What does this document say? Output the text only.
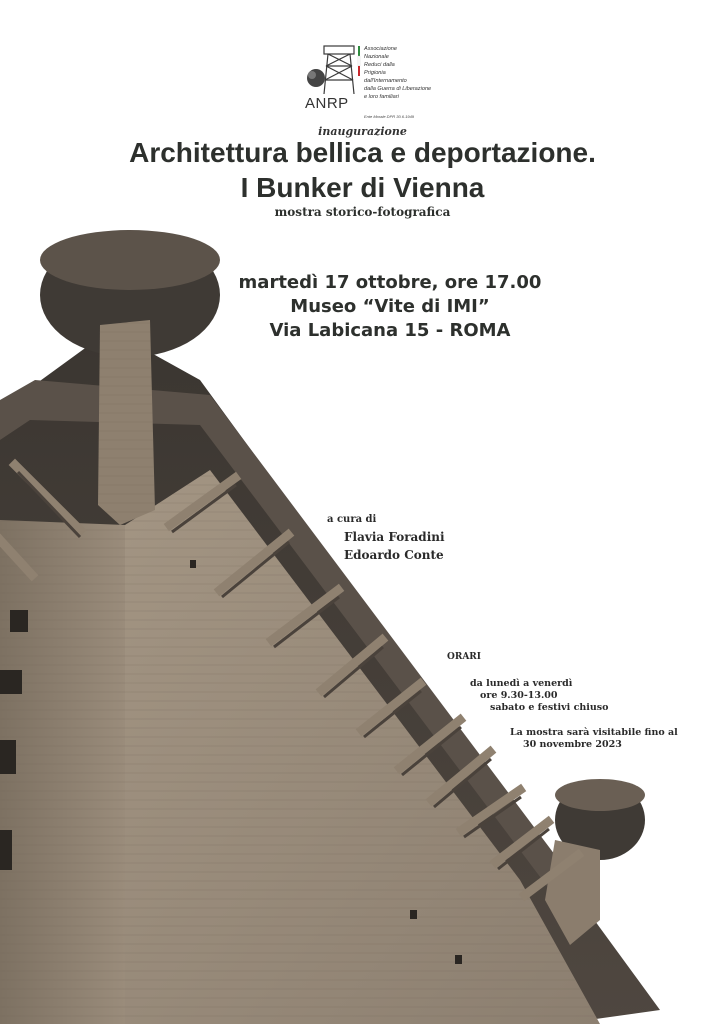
ANRP
Associazione
Nazionale
Reduci dalla
Prigionia
dall'Internamento
dalla Guerra di Liberazione
e loro familiari
Ente Morale DPR 30.6.1949
inaugurazione
Architettura bellica e deportazione.
I Bunker di Vienna
mostra storico-fotografica
martedì 17 ottobre, ore 17.00
Museo “Vite di IMI”
Via Labicana 15 - ROMA
a cura di
Flavia Foradini
Edoardo Conte
ORARI
da lunedì a venerdì
ore 9.30-13.00
sabato e festivi chiuso
La mostra sarà visitabile fino al
30 novembre 2023
